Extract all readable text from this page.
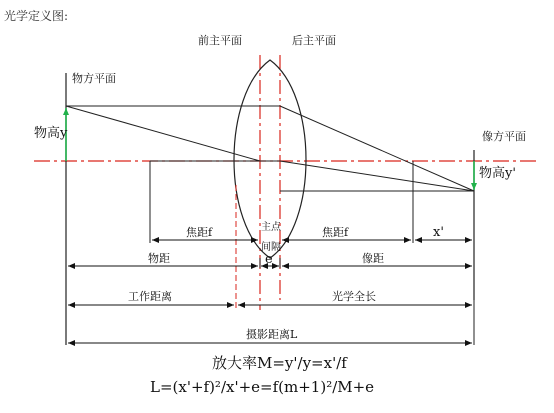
光学定义图:
前主平面	后主平面
物方平面
像方平面
物高y
物高y'
焦距f	焦距f	x'
主点
间隔
e
物距	像距
工作距离	光学全长
摄影距离L
放大率M=y'/y=x'/f
L=(x'+f)²/x'+e=f(m+1)²/M+e
